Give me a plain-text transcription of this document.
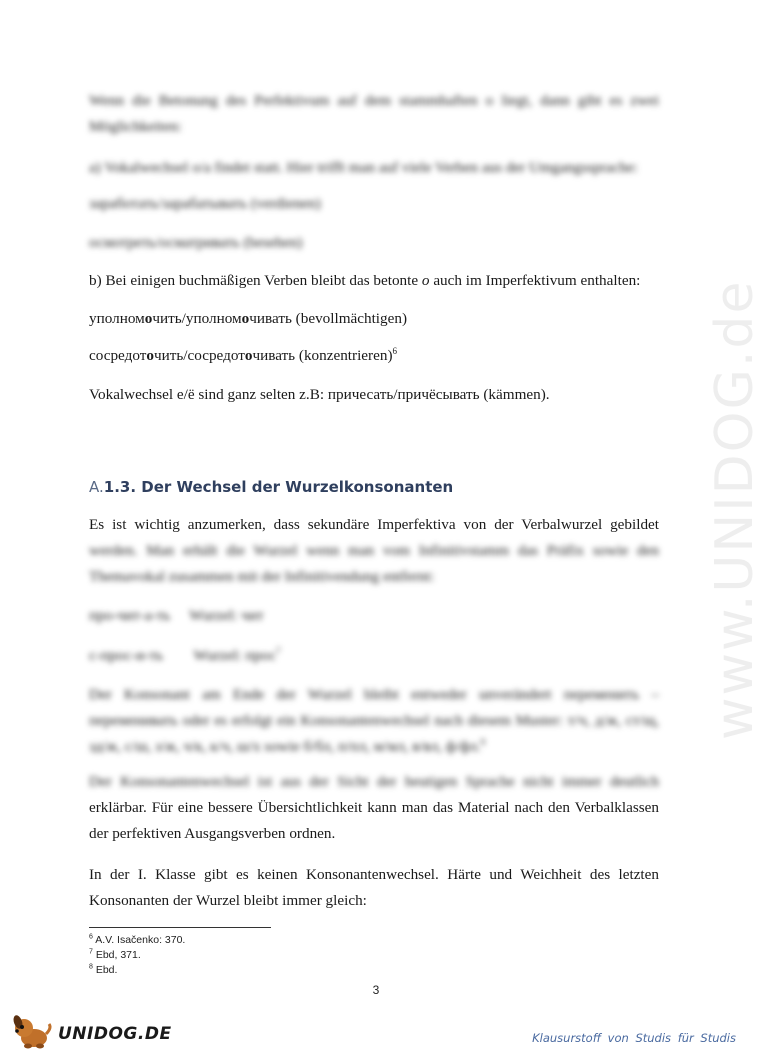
Wenn die Betonung des Perfektivum auf dem stammhaften o liegt, dann gibt es zwei Möglichkeiten:

a) Vokalwechsel o/a findet statt. Hier trifft man auf viele Verben aus der Umgangssprache:

заработать/зарабатывать (verdienen)

осмотреть/осматривать (besehen)

b) Bei einigen buchmäßigen Verben bleibt das betonte o auch im Imperfektivum enthalten:

уполномочить/уполномочивать (bevollmächtigen)

сосредоточить/сосредоточивать (konzentrieren)$^6$

Vokalwechsel e/ё sind ganz selten z.B: причесать/причёсывать (kämmen).

A.1.3. Der Wechsel der Wurzelkonsonanten

Es ist wichtig anzumerken, dass sekundäre Imperfektiva von der Verbalwurzel gebildet

werden. Man erhält die Wurzel wenn man vom Infinitivstamm das Präfix sowie den Themavokal zusammen mit der Infinitivendung entfernt:

про-чит-а-ть     Wurzel: чит

с-прос-и-ть        Wurzel: прос$^7$

Der Konsonant am Ende der Wurzel bleibt entweder unverändert переменить – переменивать oder es erfolgt ein Konsonantenwechsel nach diesem Muster: т/ч, д/ж, ст/щ, зд/ж, с/ш, з/ж, ч/к, к/ч, ш/х sowie б/бл, п/пл, м/мл, в/вл, ф/фл.$^8$

Der Konsonantenwechsel ist aus der Sicht der heutigen Sprache nicht immer deutlich

erklärbar. Für eine bessere Übersichtlichkeit kann man das Material nach den Verbalklassen der perfektiven Ausgangsverben ordnen.

In der I. Klasse gibt es keinen Konsonantenwechsel. Härte und Weichheit des letzten Konsonanten der Wurzel bleibt immer gleich:

$^6$ A.V. Isačenko: 370.

$^7$ Ebd, 371.

$^8$ Ebd.

3
www.UNIDOG.de
UNIDOG.DE	Klausurstoff von Studis für Studis
